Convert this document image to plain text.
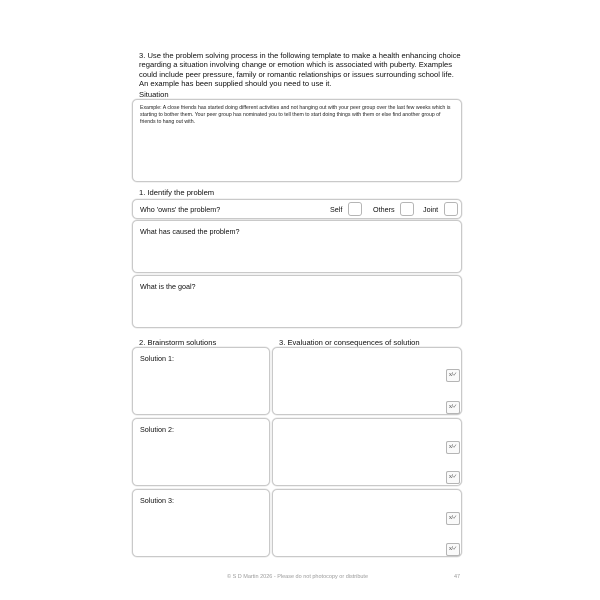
3. Use the problem solving process in the following template to make a health enhancing choice regarding a situation involving change or emotion which is associated with puberty. Examples could include peer pressure, family or romantic relationships or issues surrounding school life. An example has been supplied should you need to use it.
Situation
Example: A close friends has started doing different activities and not hanging out with your peer group over the last few weeks which is starting to bother them. Your peer group has nominated you to tell them to start doing things with them or else find another group of friends to hang out with.
1. Identify the problem
Who 'owns' the problem?	Self	Others	Joint
What has caused the problem?
What is the goal?
2. Brainstorm solutions	3. Evaluation or consequences of solution
Solution 1:
x/✓
x/✓
Solution 2:
x/✓
x/✓
Solution 3:
x/✓
x/✓
© S D Martin 2026 - Please do not photocopy or distribute	47
